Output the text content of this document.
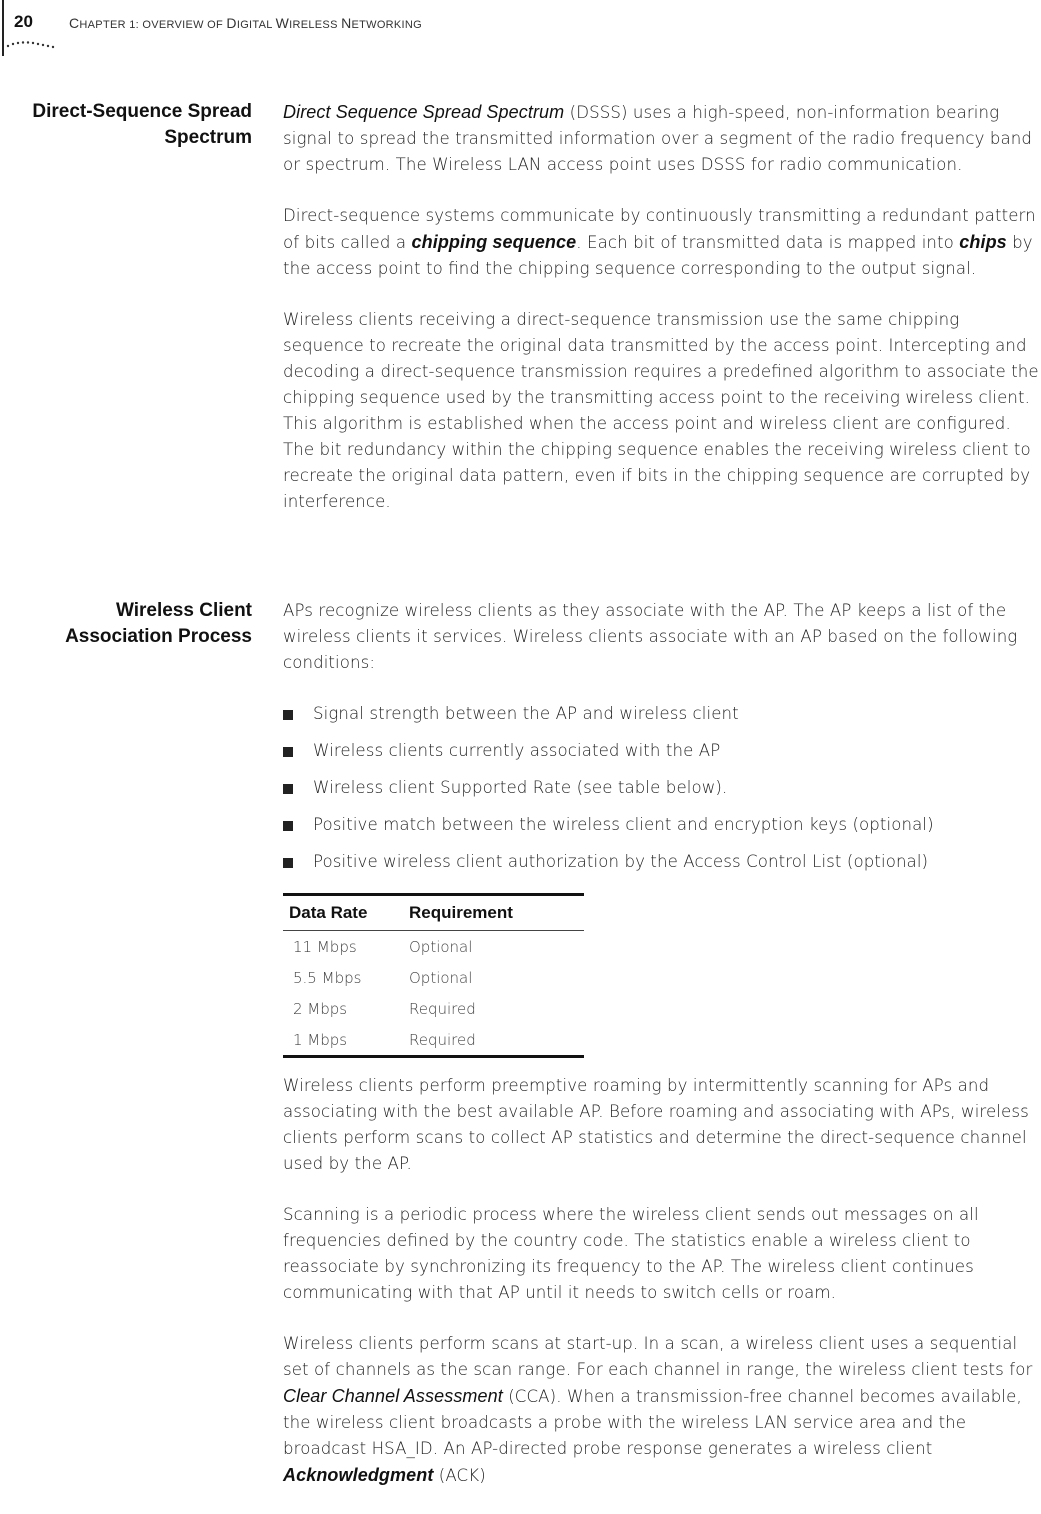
20	CHAPTER 1: OVERVIEW OF DIGITAL WIRELESS NETWORKING
Direct-Sequence Spread
Spectrum

Direct Sequence Spread Spectrum (DSSS) uses a high-speed, non-information bearing signal to spread the transmitted information over a segment of the radio frequency band or spectrum. The Wireless LAN access point uses DSSS for radio communication.

Direct-sequence systems communicate by continuously transmitting a redundant pattern of bits called a chipping sequence. Each bit of transmitted data is mapped into chips by the access point to ﬁnd the chipping sequence corresponding to the output signal.

Wireless clients receiving a direct-sequence transmission use the same chipping sequence to recreate the original data transmitted by the access point. Intercepting and decoding a direct-sequence transmission requires a predeﬁned algorithm to associate the chipping sequence used by the transmitting access point to the receiving wireless client. This algorithm is established when the access point and wireless client are conﬁgured. The bit redundancy within the chipping sequence enables the receiving wireless client to recreate the original data pattern, even if bits in the chipping sequence are corrupted by interference.

Wireless Client
Association Process

APs recognize wireless clients as they associate with the AP. The AP keeps a list of the wireless clients it services. Wireless clients associate with an AP based on the following conditions:

Signal strength between the AP and wireless client
Wireless clients currently associated with the AP
Wireless client Supported Rate (see table below).
Positive match between the wireless client and encryption keys (optional)
Positive wireless client authorization by the Access Control List (optional)
Data Rate	Requirement
11 Mbps	Optional
5.5 Mbps	Optional
2 Mbps	Required
1 Mbps	Required

Wireless clients perform preemptive roaming by intermittently scanning for APs and associating with the best available AP. Before roaming and associating with APs, wireless clients perform scans to collect AP statistics and determine the direct-sequence channel used by the AP.

Scanning is a periodic process where the wireless client sends out messages on all frequencies deﬁned by the country code. The statistics enable a wireless client to reassociate by synchronizing its frequency to the AP. The wireless client continues communicating with that AP until it needs to switch cells or roam.

Wireless clients perform scans at start-up. In a scan, a wireless client uses a sequential set of channels as the scan range. For each channel in range, the wireless client tests for Clear Channel Assessment (CCA). When a transmission-free channel becomes available, the wireless client broadcasts a probe with the wireless LAN service area and the broadcast HSA_ID. An AP-directed probe response generates a wireless client Acknowledgment (ACK)
